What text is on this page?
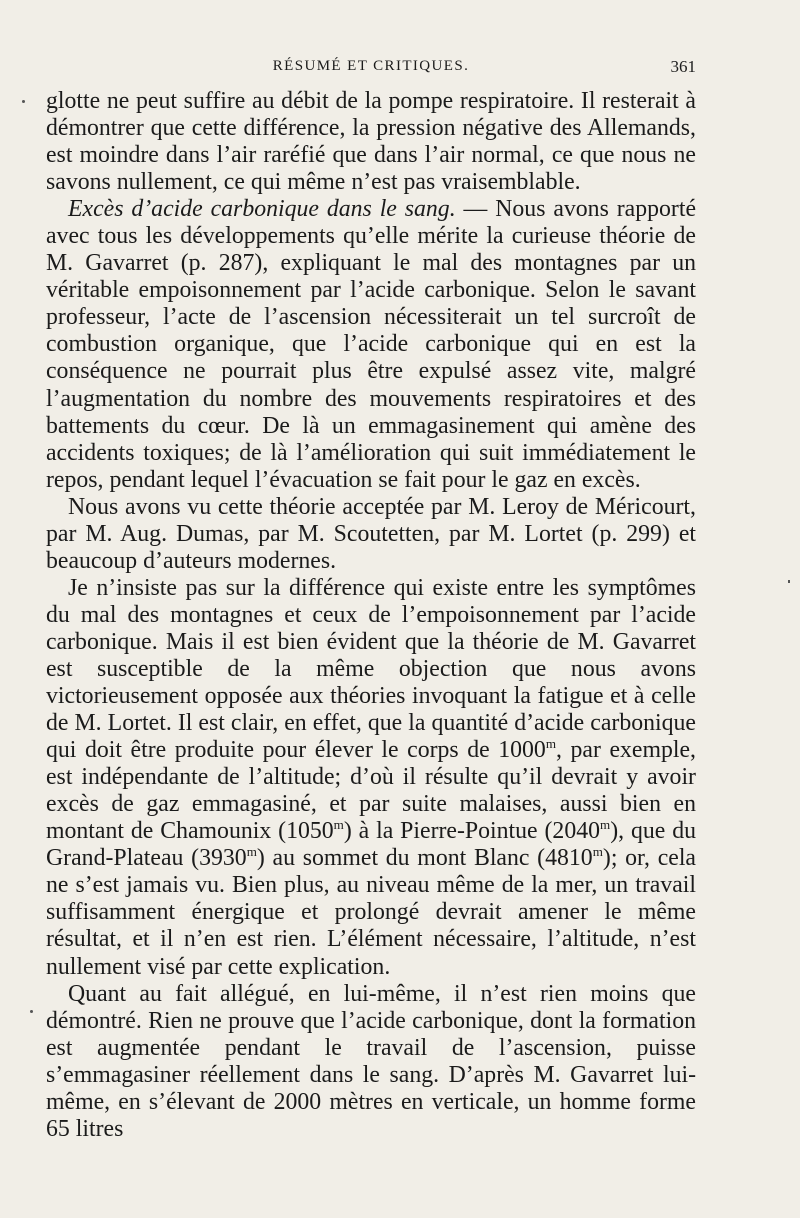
RÉSUMÉ ET CRITIQUES.	361

glotte ne peut suffire au débit de la pompe respiratoire. Il resterait à démontrer que cette différence, la pression négative des Allemands, est moindre dans l’air raréfié que dans l’air normal, ce que nous ne savons nullement, ce qui même n’est pas vraisemblable.

Excès d’acide carbonique dans le sang. — Nous avons rapporté avec tous les développements qu’elle mérite la curieuse théorie de M. Gavarret (p. 287), expliquant le mal des montagnes par un véritable empoisonnement par l’acide carbonique. Selon le savant professeur, l’acte de l’ascension nécessiterait un tel surcroît de combustion organique, que l’acide carbonique qui en est la conséquence ne pourrait plus être expulsé assez vite, malgré l’augmentation du nombre des mouvements respiratoires et des battements du cœur. De là un emmagasinement qui amène des accidents toxiques; de là l’amélioration qui suit immédiatement le repos, pendant lequel l’évacuation se fait pour le gaz en excès.

Nous avons vu cette théorie acceptée par M. Leroy de Méricourt, par M. Aug. Dumas, par M. Scoutetten, par M. Lortet (p. 299) et beaucoup d’auteurs modernes.

Je n’insiste pas sur la différence qui existe entre les symptômes du mal des montagnes et ceux de l’empoisonnement par l’acide carbonique. Mais il est bien évident que la théorie de M. Gavarret est susceptible de la même objection que nous avons victorieusement opposée aux théories invoquant la fatigue et à celle de M. Lortet. Il est clair, en effet, que la quantité d’acide carbonique qui doit être produite pour élever le corps de 1000$^m$, par exemple, est indépendante de l’altitude; d’où il résulte qu’il devrait y avoir excès de gaz emmagasiné, et par suite malaises, aussi bien en montant de Chamounix (1050$^m$) à la Pierre-Pointue (2040$^m$), que du Grand-Plateau (3930$^m$) au sommet du mont Blanc (4810$^m$); or, cela ne s’est jamais vu. Bien plus, au niveau même de la mer, un travail suffisamment énergique et prolongé devrait amener le même résultat, et il n’en est rien. L’élément nécessaire, l’altitude, n’est nullement visé par cette explication.

Quant au fait allégué, en lui-même, il n’est rien moins que démontré. Rien ne prouve que l’acide carbonique, dont la formation est augmentée pendant le travail de l’ascension, puisse s’emmagasiner réellement dans le sang. D’après M. Gavarret lui-même, en s’élevant de 2000 mètres en verticale, un homme forme 65 litres
